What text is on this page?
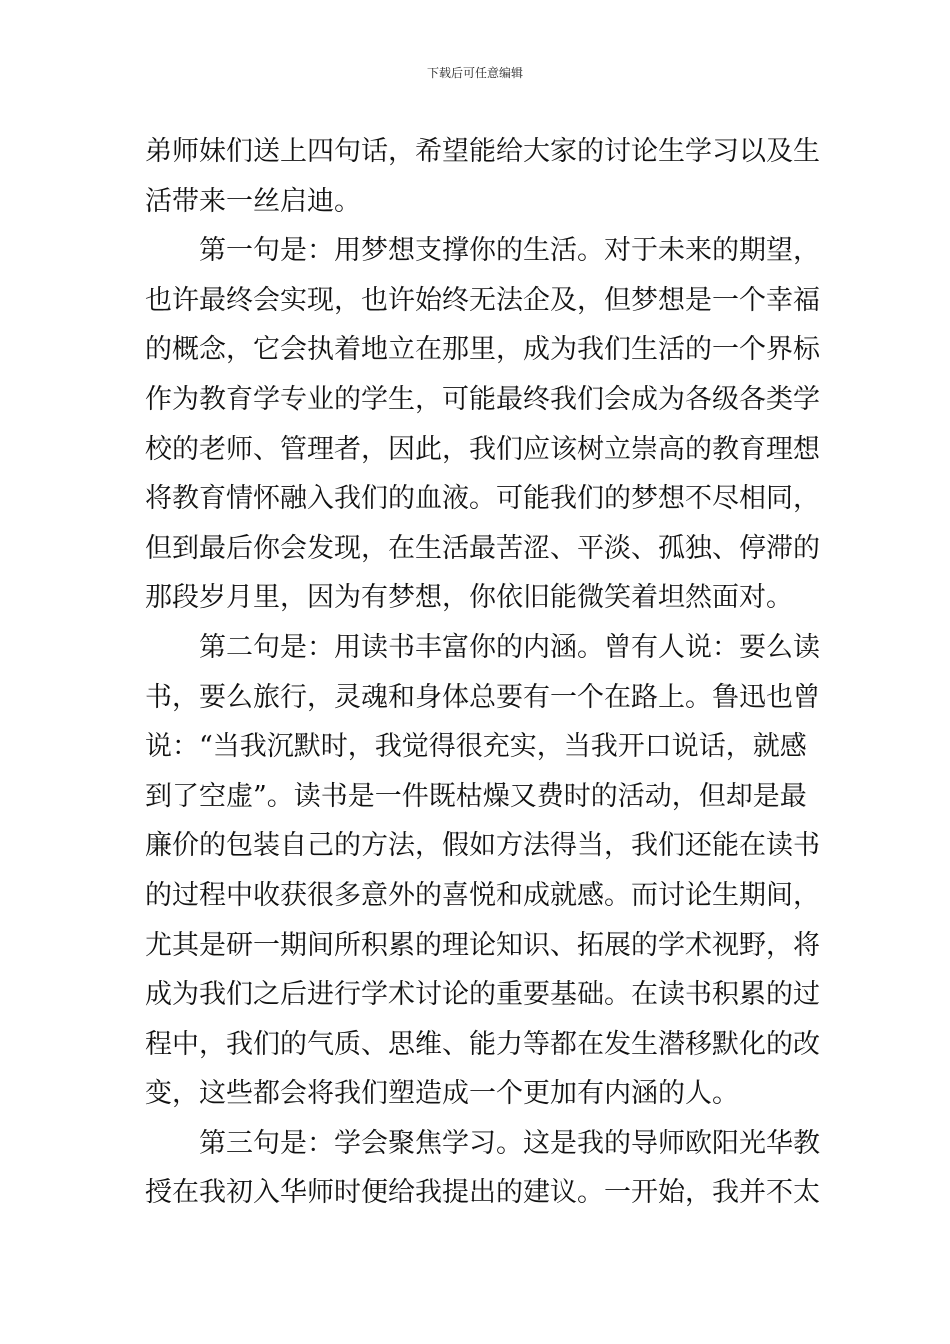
下载后可任意编辑
弟师妹们送上四句话，希望能给大家的讨论生学习以及生
活带来一丝启迪。
　　第一句是：用梦想支撑你的生活。对于未来的期望，
也许最终会实现，也许始终无法企及，但梦想是一个幸福
的概念，它会执着地立在那里，成为我们生活的一个界标
作为教育学专业的学生，可能最终我们会成为各级各类学
校的老师、管理者，因此，我们应该树立崇高的教育理想
将教育情怀融入我们的血液。可能我们的梦想不尽相同，
但到最后你会发现，在生活最苦涩、平淡、孤独、停滞的
那段岁月里，因为有梦想，你依旧能微笑着坦然面对。
　　第二句是：用读书丰富你的内涵。曾有人说：要么读
书，要么旅行，灵魂和身体总要有一个在路上。鲁迅也曾
说：“当我沉默时，我觉得很充实，当我开口说话，就感
到了空虚”。读书是一件既枯燥又费时的活动，但却是最
廉价的包装自己的方法，假如方法得当，我们还能在读书
的过程中收获很多意外的喜悦和成就感。而讨论生期间，
尤其是研一期间所积累的理论知识、拓展的学术视野，将
成为我们之后进行学术讨论的重要基础。在读书积累的过
程中，我们的气质、思维、能力等都在发生潜移默化的改
变，这些都会将我们塑造成一个更加有内涵的人。
　　第三句是：学会聚焦学习。这是我的导师欧阳光华教
授在我初入华师时便给我提出的建议。一开始，我并不太
